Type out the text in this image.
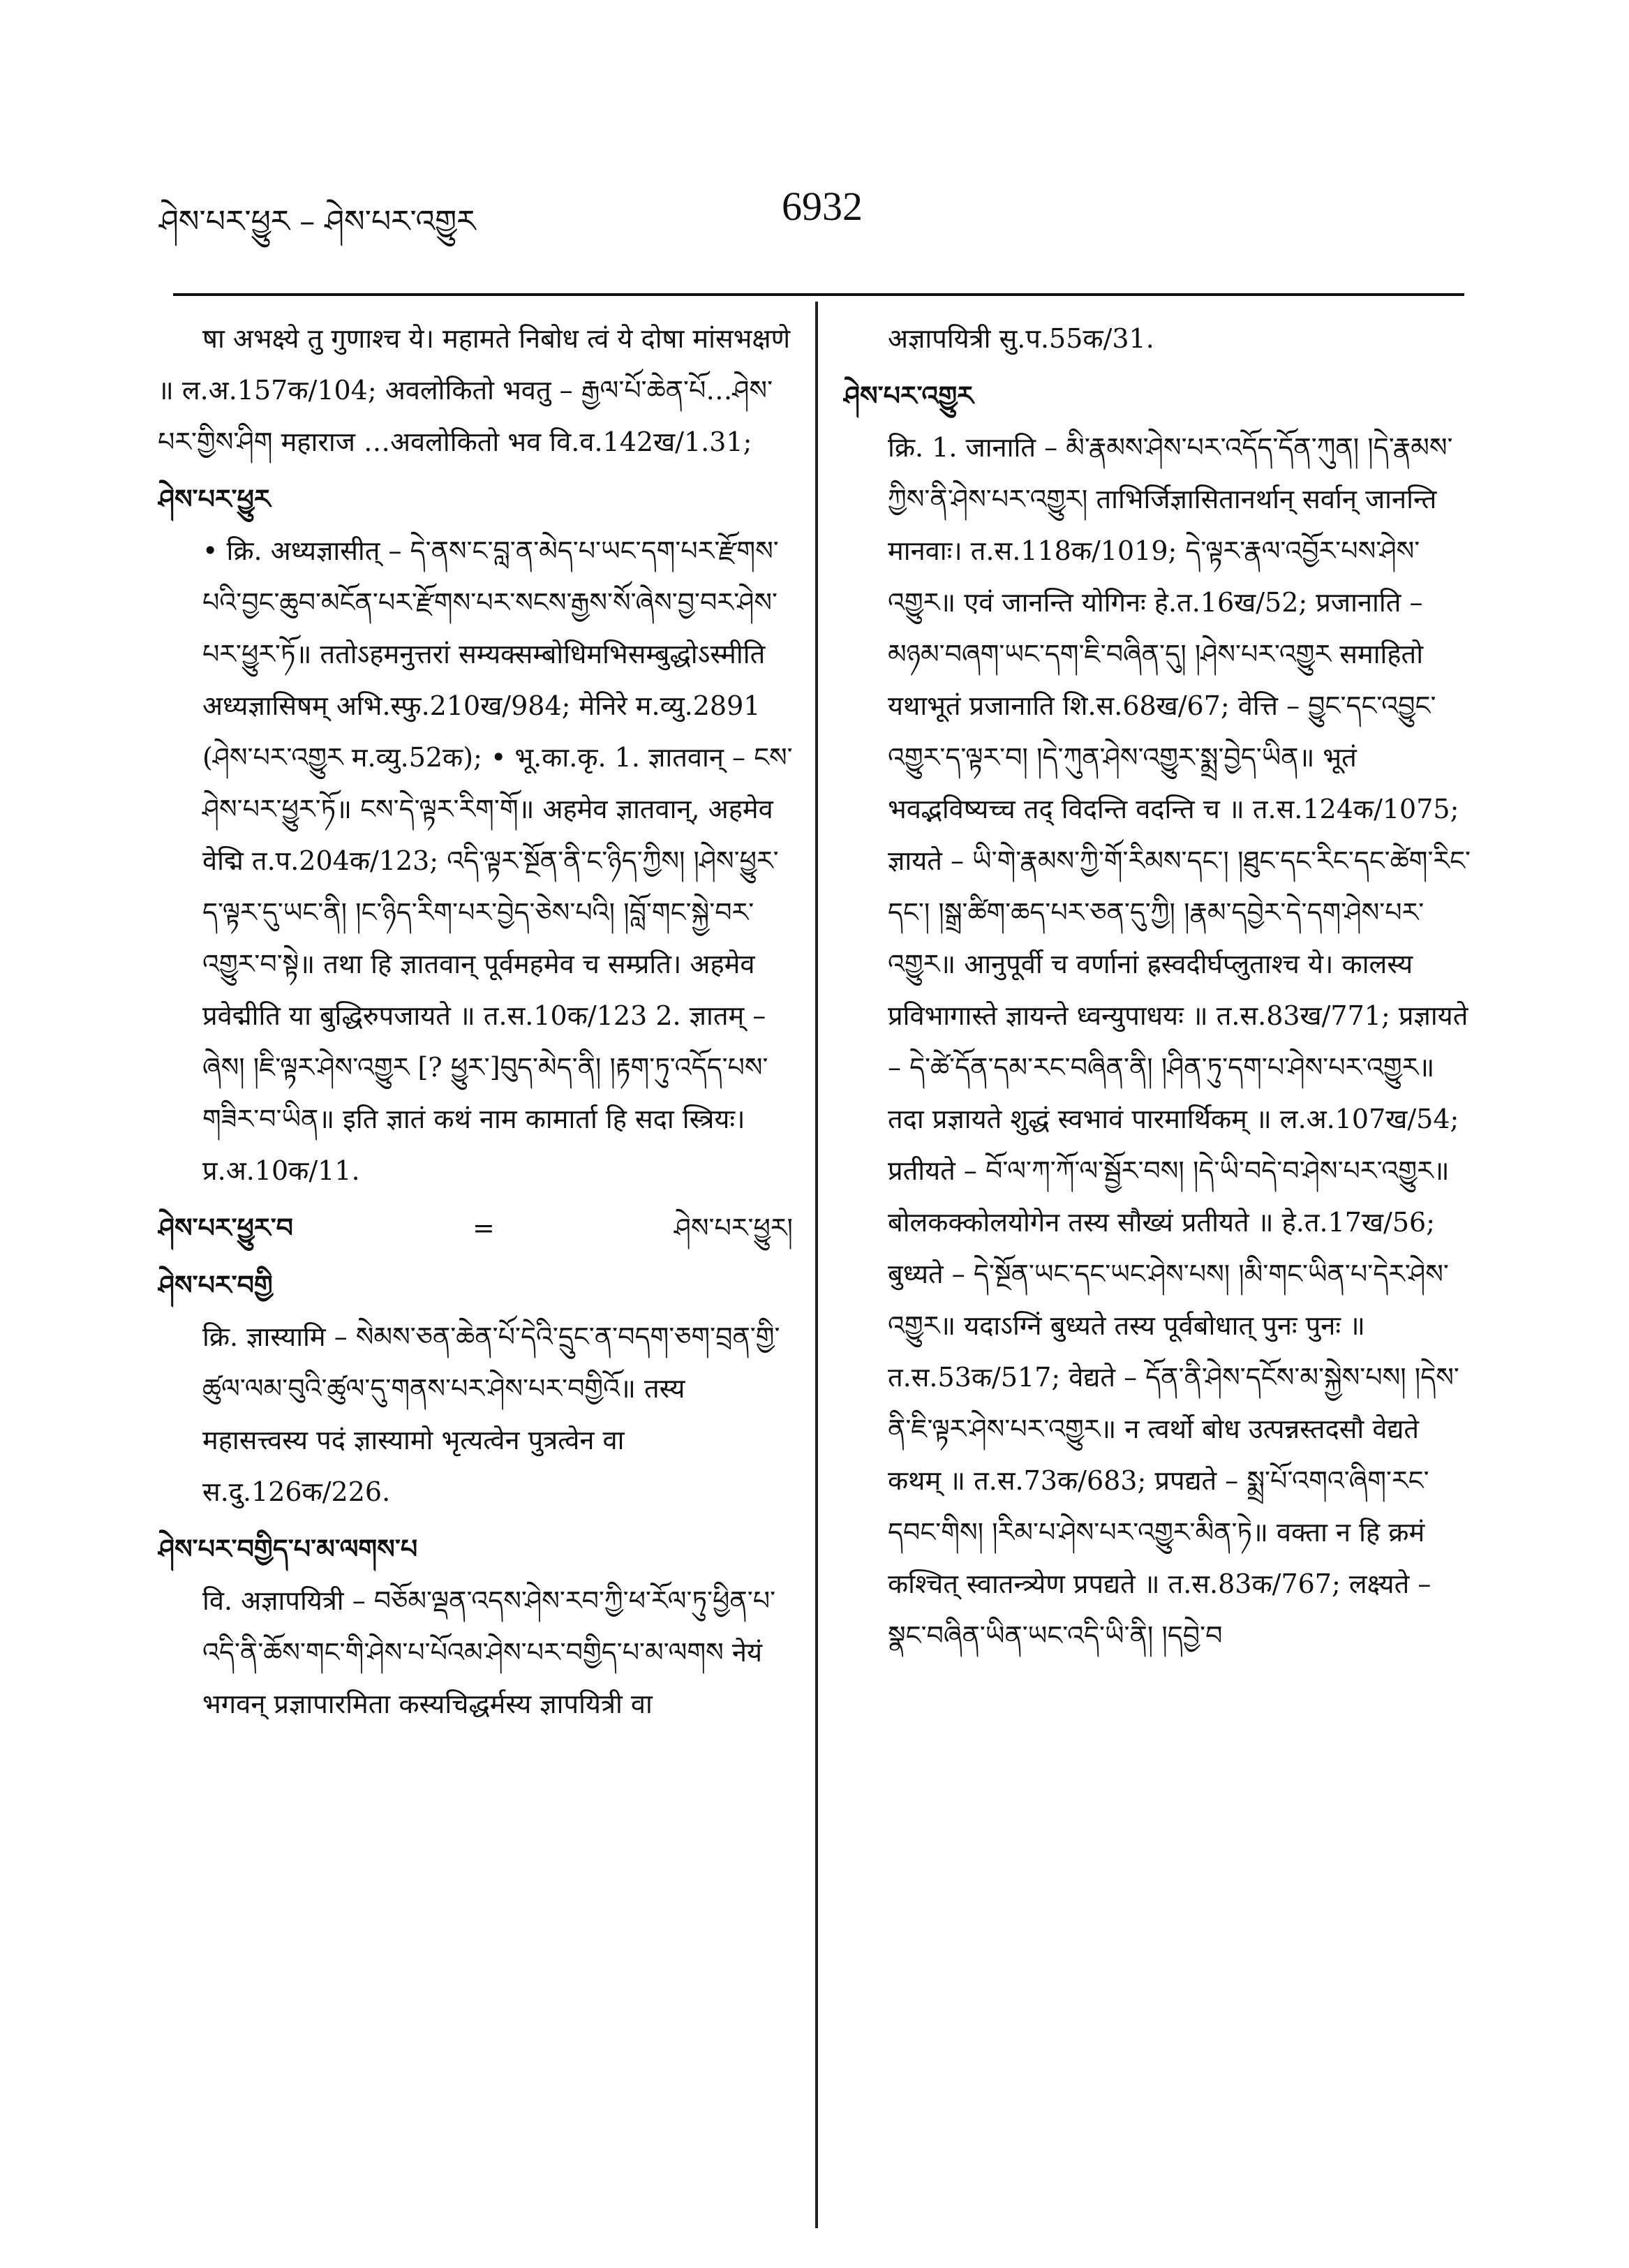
ཤེས་པར་ཕྱུར – ཤེས་པར་འགྱུར	6932

षा अभक्ष्ये तु गुणाश्च ये। महामते निबोध त्वं ये दोषा मांसभक्षणे ॥ ल.अ.157क/104; अवलोकितो भवतु – རྒྱལ་པོ་ཆེན་པོ…ཤེས་པར་གྱིས་ཤིག महाराज …अवलोकितो भव वि.व.142ख/1.31;

ཤེས་པར་ཕྱུར
• क्रि. अध्यज्ञासीत् – དེ་ནས་ང་བླ་ན་མེད་པ་ཡང་དག་པར་རྫོགས་པའི་བྱང་ཆུབ་མངོན་པར་རྫོགས་པར་སངས་རྒྱས་སོ་ཞེས་བྱ་བར་ཤེས་པར་ཕྱུར་ཏོ॥ ततोऽहमनुत्तरां सम्यक्सम्बोधिमभिसम्बुद्धोऽस्मीति अध्यज्ञासिषम् अभि.स्फु.210ख/984; मेनिरे म.व्यु.2891 (ཤེས་པར་འགྱུར म.व्यु.52क); • भू.का.कृ. 1. ज्ञातवान् – ངས་ཤེས་པར་ཕྱུར་ཏོ॥ ངས་དེ་ལྟར་རིག་གོ॥ अहमेव ज्ञातवान्, अहमेव वेद्मि त.प.204क/123; འདི་ལྟར་སྔོན་ནི་ང་ཉིད་ཀྱིས། །ཤེས་ཕྱུར་ད་ལྟར་དུ་ཡང་ནི། །ང་ཉིད་རིག་པར་བྱེད་ཅེས་པའི། །བློ་གང་སྐྱེ་བར་འགྱུར་བ་སྟེ॥ तथा हि ज्ञातवान् पूर्वमहमेव च सम्प्रति। अहमेव प्रवेद्मीति या बुद्धिरुपजायते ॥ त.स.10क/123 2. ज्ञातम् – ཞེས། །ཇི་ལྟར་ཤེས་འགྱུར [? ཕྱུར་]བུད་མེད་ནི། །རྟག་ཏུ་འདོད་པས་གཟིར་བ་ཡིན॥ इति ज्ञातं कथं नाम कामार्ता हि सदा स्त्रियः। प्र.अ.10क/11.

ཤེས་པར་ཕྱུར་བ	=	ཤེས་པར་ཕྱུར།

ཤེས་པར་བགྱི
क्रि. ज्ञास्यामि – སེམས་ཅན་ཆེན་པོ་དེའི་དྲུང་ན་བདག་ཅག་བྲན་གྱི་ཚུལ་ལམ་བུའི་ཚུལ་དུ་གནས་པར་ཤེས་པར་བགྱིའོ॥ तस्य महासत्त्वस्य पदं ज्ञास्यामो भृत्यत्वेन पुत्रत्वेन वा स.दु.126क/226.

ཤེས་པར་བགྱིད་པ་མ་ལགས་པ
वि. अज्ञापयित्री – བཅོམ་ལྡན་འདས་ཤེས་རབ་ཀྱི་ཕ་རོལ་ཏུ་ཕྱིན་པ་འདི་ནི་ཆོས་གང་གི་ཤེས་པ་པོའམ་ཤེས་པར་བགྱིད་པ་མ་ལགས नेयं भगवन् प्रज्ञापारमिता कस्यचिद्धर्मस्य ज्ञापयित्री वा

अज्ञापयित्री सु.प.55क/31.

ཤེས་པར་འགྱུར
क्रि. 1. जानाति – མི་རྣམས་ཤེས་པར་འདོད་དོན་ཀུན། །དེ་རྣམས་ཀྱིས་ནི་ཤེས་པར་འགྱུར། ताभिर्जिज्ञासितानर्थान् सर्वान् जानन्ति मानवाः। त.स.118क/1019; དེ་ལྟར་རྣལ་འབྱོར་པས་ཤེས་འགྱུར॥ एवं जानन्ति योगिनः हे.त.16ख/52; प्रजानाति – མཉམ་བཞག་ཡང་དག་ཇི་བཞིན་དུ། །ཤེས་པར་འགྱུར समाहितो यथाभूतं प्रजानाति शि.स.68ख/67; वेत्ति – བྱུང་དང་འབྱུང་འགྱུར་ད་ལྟར་བ། །དེ་ཀུན་ཤེས་འགྱུར་སྨྲ་བྱེད་ཡིན॥ भूतं भवद्भविष्यच्च तद् विदन्ति वदन्ति च ॥ त.स.124क/1075; ज्ञायते – ཡི་གེ་རྣམས་ཀྱི་གོ་རིམས་དང་། །ཐུང་དང་རིང་དང་ཚེག་རིང་དང་། །སྒྲ་ཚིག་ཆད་པར་ཅན་དུ་ཀྱི། །རྣམ་དབྱེར་དེ་དག་ཤེས་པར་འགྱུར॥ आनुपूर्वी च वर्णानां ह्रस्वदीर्घप्लुताश्च ये। कालस्य प्रविभागास्ते ज्ञायन्ते ध्वन्युपाधयः ॥ त.स.83ख/771; प्रज्ञायते – དེ་ཚེ་དོན་དམ་རང་བཞིན་ནི། །ཤིན་ཏུ་དག་པ་ཤེས་པར་འགྱུར॥ तदा प्रज्ञायते शुद्धं स्वभावं पारमार्थिकम् ॥ ल.अ.107ख/54; प्रतीयते – བོ་ལ་ཀ་ཀོ་ལ་སྦྱོར་བས། །དེ་ཡི་བདེ་བ་ཤེས་པར་འགྱུར॥ बोलकक्कोलयोगेन तस्य सौख्यं प्रतीयते ॥ हे.त.17ख/56; बुध्यते – དེ་སྔོན་ཡང་དང་ཡང་ཤེས་པས། །མི་གང་ཡིན་པ་དེར་ཤེས་འགྱུར॥ यदाऽग्निं बुध्यते तस्य पूर्वबोधात् पुनः पुनः ॥ त.स.53क/517; वेद्यते – དོན་ནི་ཤེས་དངོས་མ་སྐྱེས་པས། །དེས་ནི་ཇི་ལྟར་ཤེས་པར་འགྱུར॥ न त्वर्थो बोध उत्पन्नस्तदसौ वेद्यते कथम् ॥ त.स.73क/683; प्रपद्यते – སྨྲ་པོ་འགའ་ཞིག་རང་དབང་གིས། །རིམ་པ་ཤེས་པར་འགྱུར་མིན་ཏེ॥ वक्ता न हि क्रमं कश्चित् स्वातन्त्र्येण प्रपद्यते ॥ त.स.83क/767; लक्ष्यते – སྣང་བཞིན་ཡིན་ཡང་འདི་ཡི་ནི། །དབྱེ་བ
